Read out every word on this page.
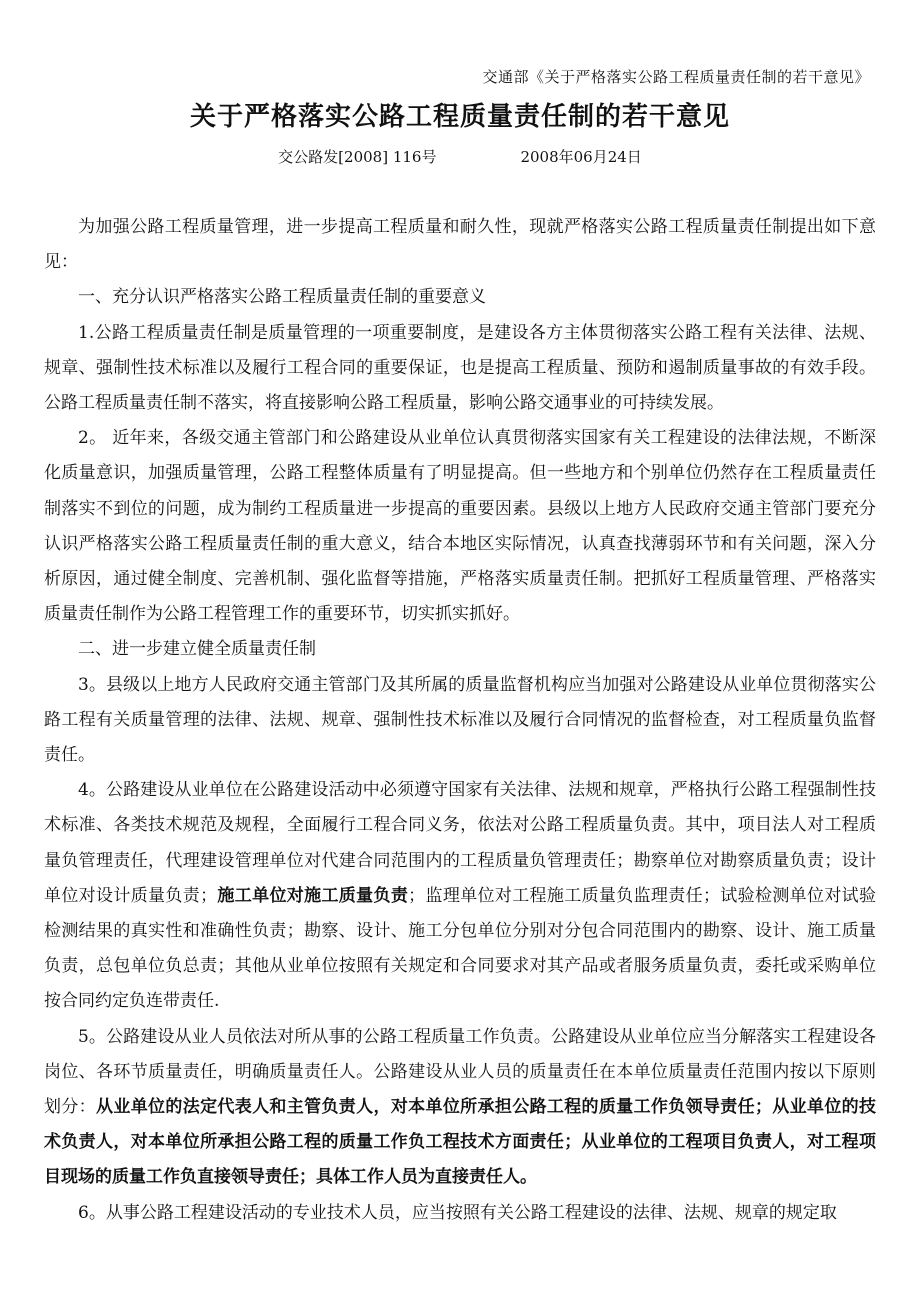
交通部《关于严格落实公路工程质量责任制的若干意见》
关于严格落实公路工程质量责任制的若干意见
交公路发[2008] 116号	2008年06月24日

为加强公路工程质量管理，进一步提高工程质量和耐久性，现就严格落实公路工程质量责任制提出如下意见：

一、充分认识严格落实公路工程质量责任制的重要意义

1.公路工程质量责任制是质量管理的一项重要制度，是建设各方主体贯彻落实公路工程有关法律、法规、规章、强制性技术标准以及履行工程合同的重要保证，也是提高工程质量、预防和遏制质量事故的有效手段。公路工程质量责任制不落实，将直接影响公路工程质量，影响公路交通事业的可持续发展。

2。 近年来，各级交通主管部门和公路建设从业单位认真贯彻落实国家有关工程建设的法律法规，不断深化质量意识，加强质量管理，公路工程整体质量有了明显提高。但一些地方和个别单位仍然存在工程质量责任制落实不到位的问题，成为制约工程质量进一步提高的重要因素。县级以上地方人民政府交通主管部门要充分认识严格落实公路工程质量责任制的重大意义，结合本地区实际情况，认真查找薄弱环节和有关问题，深入分析原因，通过健全制度、完善机制、强化监督等措施，严格落实质量责任制。把抓好工程质量管理、严格落实质量责任制作为公路工程管理工作的重要环节，切实抓实抓好。

二、进一步建立健全质量责任制

3。县级以上地方人民政府交通主管部门及其所属的质量监督机构应当加强对公路建设从业单位贯彻落实公路工程有关质量管理的法律、法规、规章、强制性技术标准以及履行合同情况的监督检查，对工程质量负监督责任。

4。公路建设从业单位在公路建设活动中必须遵守国家有关法律、法规和规章，严格执行公路工程强制性技术标准、各类技术规范及规程，全面履行工程合同义务，依法对公路工程质量负责。其中，项目法人对工程质量负管理责任，代理建设管理单位对代建合同范围内的工程质量负管理责任；勘察单位对勘察质量负责；设计单位对设计质量负责；施工单位对施工质量负责；监理单位对工程施工质量负监理责任；试验检测单位对试验检测结果的真实性和准确性负责；勘察、设计、施工分包单位分别对分包合同范围内的勘察、设计、施工质量负责，总包单位负总责；其他从业单位按照有关规定和合同要求对其产品或者服务质量负责，委托或采购单位按合同约定负连带责任.

5。公路建设从业人员依法对所从事的公路工程质量工作负责。公路建设从业单位应当分解落实工程建设各岗位、各环节质量责任，明确质量责任人。公路建设从业人员的质量责任在本单位质量责任范围内按以下原则划分：从业单位的法定代表人和主管负责人，对本单位所承担公路工程的质量工作负领导责任；从业单位的技术负责人，对本单位所承担公路工程的质量工作负工程技术方面责任；从业单位的工程项目负责人，对工程项目现场的质量工作负直接领导责任；具体工作人员为直接责任人。

6。从事公路工程建设活动的专业技术人员，应当按照有关公路工程建设的法律、法规、规章的规定取
